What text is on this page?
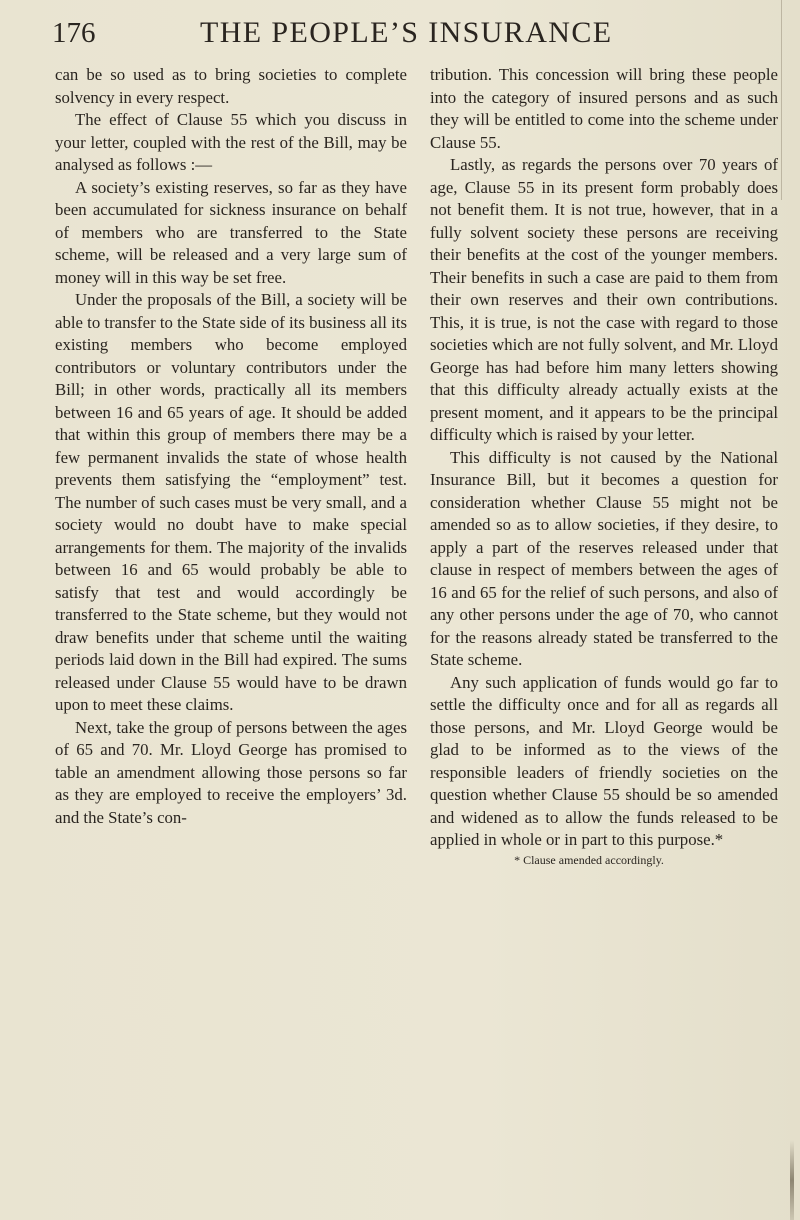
176	THE PEOPLE’S INSURANCE

can be so used as to bring societies to complete solvency in every respect.

The effect of Clause 55 which you discuss in your letter, coupled with the rest of the Bill, may be analysed as follows :—

A society’s existing reserves, so far as they have been accumulated for sickness insurance on behalf of members who are transferred to the State scheme, will be released and a very large sum of money will in this way be set free.

Under the proposals of the Bill, a society will be able to transfer to the State side of its business all its existing members who become employed contributors or voluntary contributors under the Bill; in other words, practically all its members between 16 and 65 years of age. It should be added that within this group of members there may be a few permanent invalids the state of whose health prevents them satisfying the “employment” test. The number of such cases must be very small, and a society would no doubt have to make special arrangements for them. The majority of the invalids between 16 and 65 would probably be able to satisfy that test and would accordingly be transferred to the State scheme, but they would not draw benefits under that scheme until the waiting periods laid down in the Bill had expired. The sums released under Clause 55 would have to be drawn upon to meet these claims.

Next, take the group of persons between the ages of 65 and 70. Mr. Lloyd George has promised to table an amendment allowing those persons so far as they are employed to receive the employers’ 3d. and the State’s con-

tribution. This concession will bring these people into the category of insured persons and as such they will be entitled to come into the scheme under Clause 55.

Lastly, as regards the persons over 70 years of age, Clause 55 in its present form probably does not benefit them. It is not true, however, that in a fully solvent society these persons are receiving their benefits at the cost of the younger members. Their benefits in such a case are paid to them from their own reserves and their own contributions. This, it is true, is not the case with regard to those societies which are not fully solvent, and Mr. Lloyd George has had before him many letters showing that this difficulty already actually exists at the present moment, and it appears to be the principal difficulty which is raised by your letter.

This difficulty is not caused by the National Insurance Bill, but it becomes a question for consideration whether Clause 55 might not be amended so as to allow societies, if they desire, to apply a part of the reserves released under that clause in respect of members between the ages of 16 and 65 for the relief of such persons, and also of any other persons under the age of 70, who cannot for the reasons already stated be transferred to the State scheme.

Any such application of funds would go far to settle the difficulty once and for all as regards all those persons, and Mr. Lloyd George would be glad to be informed as to the views of the responsible leaders of friendly societies on the question whether Clause 55 should be so amended and widened as to allow the funds released to be applied in whole or in part to this purpose.*

* Clause amended accordingly.
